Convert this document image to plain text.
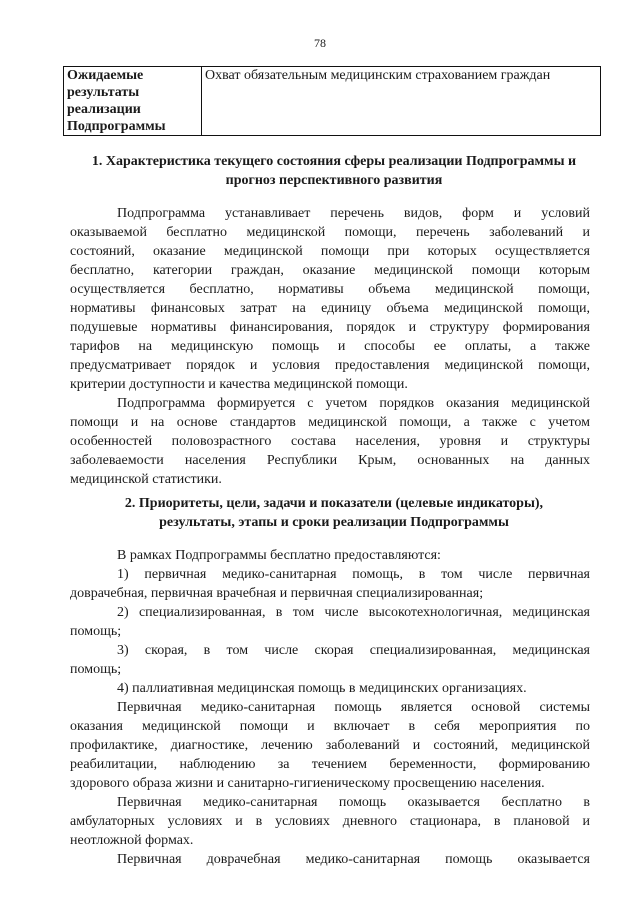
78
Ожидаемые
результаты
реализации
Подпрограммы
	Охват обязательным медицинским страхованием граждан
1. Характеристика текущего состояния сферы реализации Подпрограммы и
прогноз перспективного развития
Подпрограмма устанавливает перечень видов, форм и условий
оказываемой бесплатно медицинской помощи, перечень заболеваний и
состояний, оказание медицинской помощи при которых осуществляется
бесплатно, категории граждан, оказание медицинской помощи которым
осуществляется бесплатно, нормативы объема медицинской помощи,
нормативы финансовых затрат на единицу объема медицинской помощи,
подушевые нормативы финансирования, порядок и структуру формирования
тарифов на медицинскую помощь и способы ее оплаты, а также
предусматривает порядок и условия предоставления медицинской помощи,
критерии доступности и качества медицинской помощи.
Подпрограмма формируется с учетом порядков оказания медицинской
помощи и на основе стандартов медицинской помощи, а также с учетом
особенностей половозрастного состава населения, уровня и структуры
заболеваемости населения Республики Крым, основанных на данных
медицинской статистики.
2. Приоритеты, цели, задачи и показатели (целевые индикаторы),
результаты, этапы и сроки реализации Подпрограммы
В рамках Подпрограммы бесплатно предоставляются:
1) первичная медико-санитарная помощь, в том числе первичная
доврачебная, первичная врачебная и первичная специализированная;
2) специализированная, в том числе высокотехнологичная, медицинская
помощь;
3) скорая, в том числе скорая специализированная, медицинская
помощь;
4) паллиативная медицинская помощь в медицинских организациях.
Первичная медико-санитарная помощь является основой системы
оказания медицинской помощи и включает в себя мероприятия по
профилактике, диагностике, лечению заболеваний и состояний, медицинской
реабилитации, наблюдению за течением беременности, формированию
здорового образа жизни и санитарно-гигиеническому просвещению населения.
Первичная медико-санитарная помощь оказывается бесплатно в
амбулаторных условиях и в условиях дневного стационара, в плановой и
неотложной формах.
Первичная доврачебная медико-санитарная помощь оказывается
